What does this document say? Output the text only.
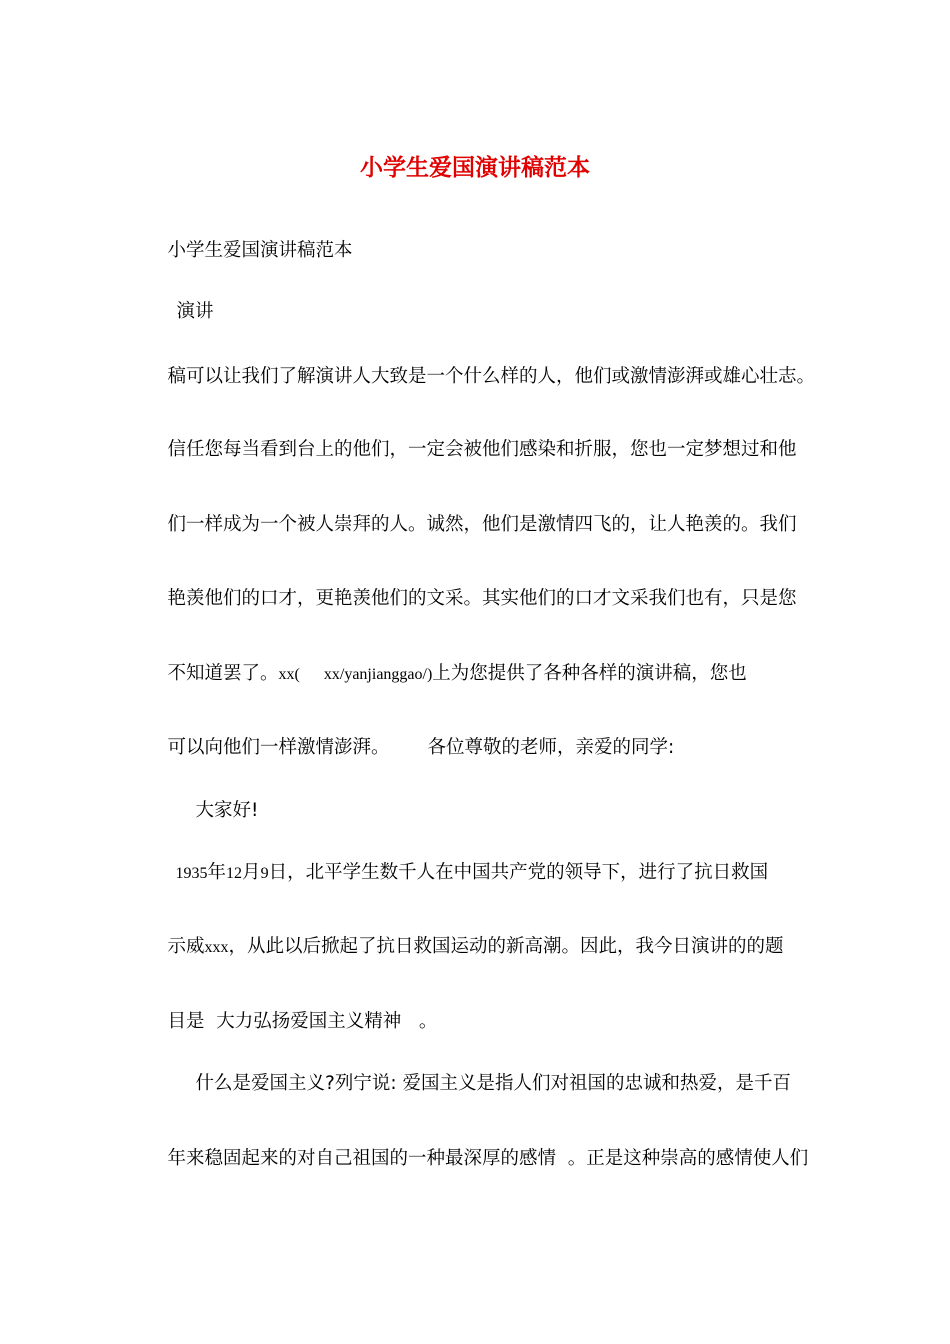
小学生爱国演讲稿范本

小学生爱国演讲稿范本

演讲

稿可以让我们了解演讲人大致是一个什么样的人，他们或激情澎湃或雄心壮志。

信任您每当看到台上的他们，一定会被他们感染和折服，您也一定梦想过和他

们一样成为一个被人崇拜的人。诚然，他们是激情四飞的，让人艳羡的。我们

艳羡他们的口才，更艳羡他们的文采。其实他们的口才文采我们也有，只是您

不知道罢了。xx(      xx/yanjianggao/)上为您提供了各种各样的演讲稿，您也

可以向他们一样激情澎湃。 各位尊敬的老师，亲爱的同学:

大家好!

1935年12月9日，北平学生数千人在中国共产党的领导下，进行了抗日救国

示威xxx，从此以后掀起了抗日救国运动的新高潮。因此，我今日演讲的的题

目是  大力弘扬爱国主义精神   。

什么是爱国主义?列宁说: 爱国主义是指人们对祖国的忠诚和热爱，是千百

年来稳固起来的对自己祖国的一种最深厚的感情  。正是这种崇高的感情使人们
